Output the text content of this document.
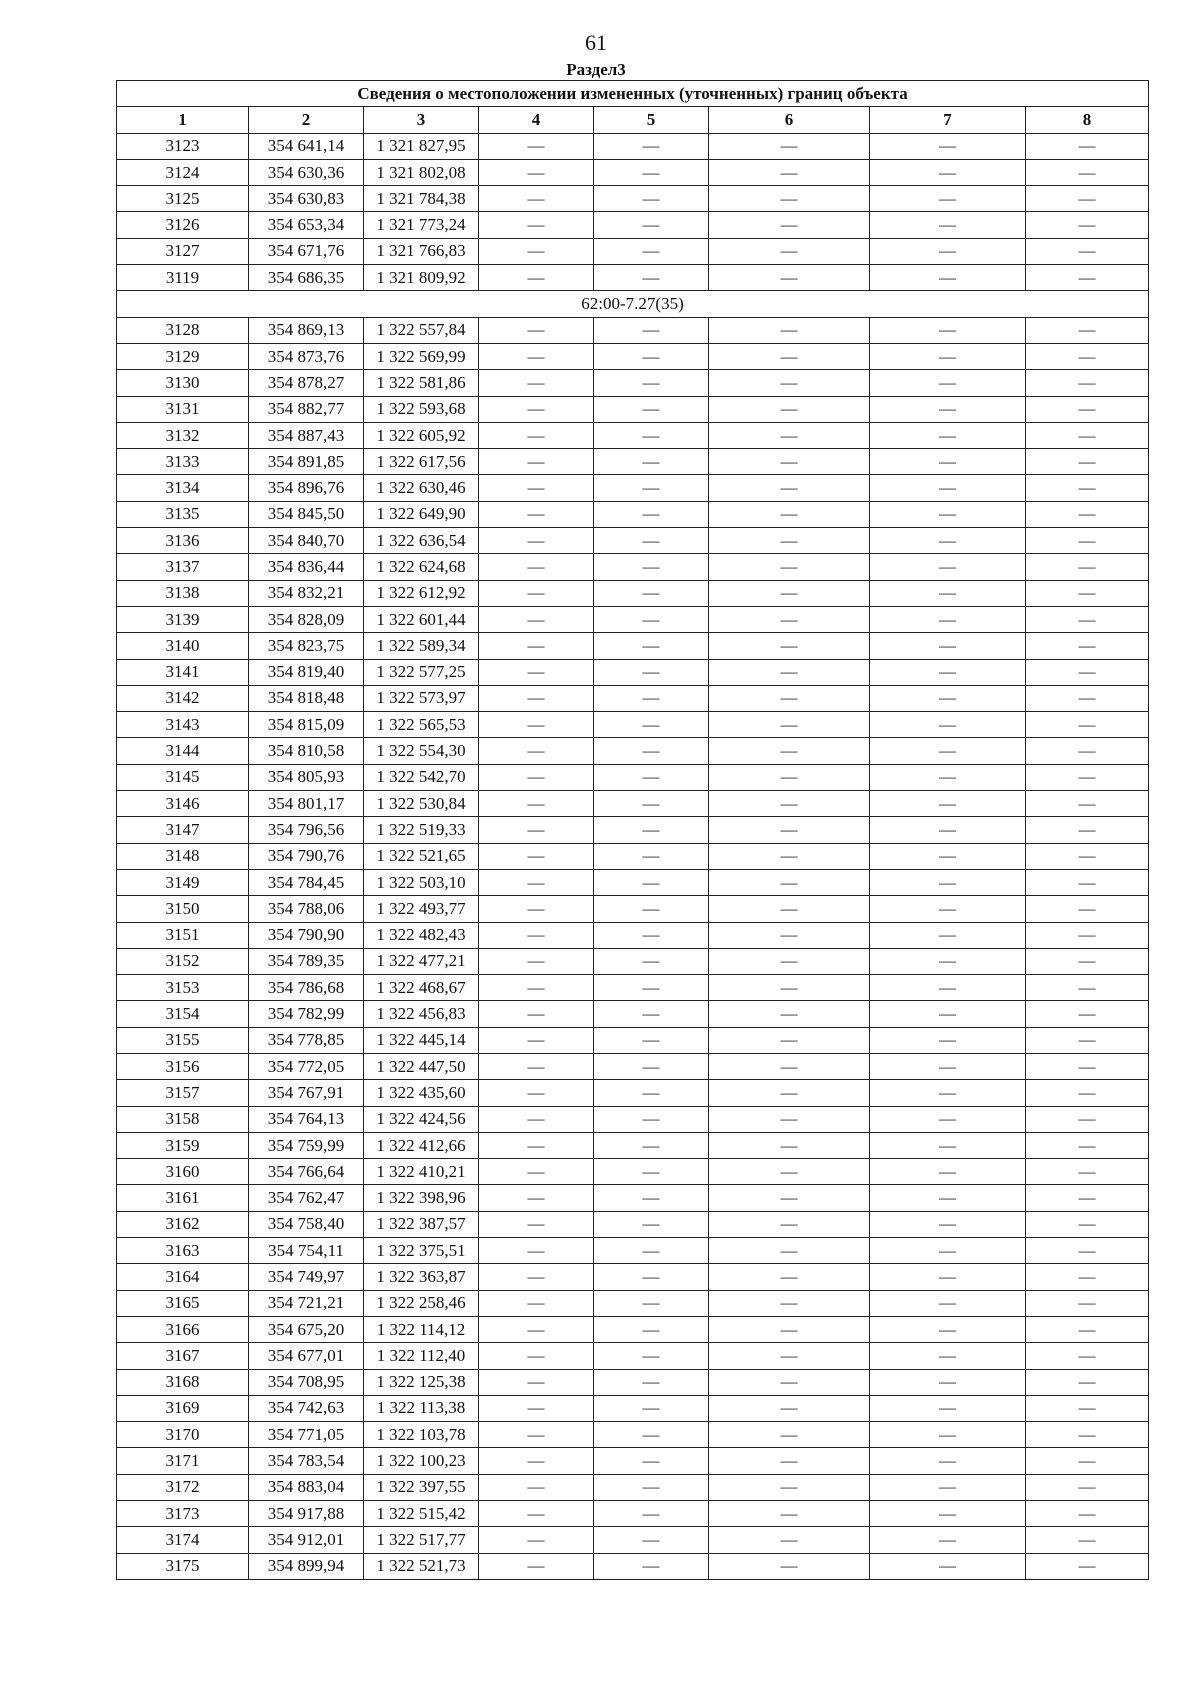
61
Раздел3
Сведения о местоположении измененных (уточненных) границ объекта							
1	2	3	4	5	6	7	8
3123	354 641,14	1 321 827,95	—	—	—	—	—
3124	354 630,36	1 321 802,08	—	—	—	—	—
3125	354 630,83	1 321 784,38	—	—	—	—	—
3126	354 653,34	1 321 773,24	—	—	—	—	—
3127	354 671,76	1 321 766,83	—	—	—	—	—
3119	354 686,35	1 321 809,92	—	—	—	—	—
62:00-7.27(35)							
3128	354 869,13	1 322 557,84	—	—	—	—	—
3129	354 873,76	1 322 569,99	—	—	—	—	—
3130	354 878,27	1 322 581,86	—	—	—	—	—
3131	354 882,77	1 322 593,68	—	—	—	—	—
3132	354 887,43	1 322 605,92	—	—	—	—	—
3133	354 891,85	1 322 617,56	—	—	—	—	—
3134	354 896,76	1 322 630,46	—	—	—	—	—
3135	354 845,50	1 322 649,90	—	—	—	—	—
3136	354 840,70	1 322 636,54	—	—	—	—	—
3137	354 836,44	1 322 624,68	—	—	—	—	—
3138	354 832,21	1 322 612,92	—	—	—	—	—
3139	354 828,09	1 322 601,44	—	—	—	—	—
3140	354 823,75	1 322 589,34	—	—	—	—	—
3141	354 819,40	1 322 577,25	—	—	—	—	—
3142	354 818,48	1 322 573,97	—	—	—	—	—
3143	354 815,09	1 322 565,53	—	—	—	—	—
3144	354 810,58	1 322 554,30	—	—	—	—	—
3145	354 805,93	1 322 542,70	—	—	—	—	—
3146	354 801,17	1 322 530,84	—	—	—	—	—
3147	354 796,56	1 322 519,33	—	—	—	—	—
3148	354 790,76	1 322 521,65	—	—	—	—	—
3149	354 784,45	1 322 503,10	—	—	—	—	—
3150	354 788,06	1 322 493,77	—	—	—	—	—
3151	354 790,90	1 322 482,43	—	—	—	—	—
3152	354 789,35	1 322 477,21	—	—	—	—	—
3153	354 786,68	1 322 468,67	—	—	—	—	—
3154	354 782,99	1 322 456,83	—	—	—	—	—
3155	354 778,85	1 322 445,14	—	—	—	—	—
3156	354 772,05	1 322 447,50	—	—	—	—	—
3157	354 767,91	1 322 435,60	—	—	—	—	—
3158	354 764,13	1 322 424,56	—	—	—	—	—
3159	354 759,99	1 322 412,66	—	—	—	—	—
3160	354 766,64	1 322 410,21	—	—	—	—	—
3161	354 762,47	1 322 398,96	—	—	—	—	—
3162	354 758,40	1 322 387,57	—	—	—	—	—
3163	354 754,11	1 322 375,51	—	—	—	—	—
3164	354 749,97	1 322 363,87	—	—	—	—	—
3165	354 721,21	1 322 258,46	—	—	—	—	—
3166	354 675,20	1 322 114,12	—	—	—	—	—
3167	354 677,01	1 322 112,40	—	—	—	—	—
3168	354 708,95	1 322 125,38	—	—	—	—	—
3169	354 742,63	1 322 113,38	—	—	—	—	—
3170	354 771,05	1 322 103,78	—	—	—	—	—
3171	354 783,54	1 322 100,23	—	—	—	—	—
3172	354 883,04	1 322 397,55	—	—	—	—	—
3173	354 917,88	1 322 515,42	—	—	—	—	—
3174	354 912,01	1 322 517,77	—	—	—	—	—
3175	354 899,94	1 322 521,73	—	—	—	—	—
